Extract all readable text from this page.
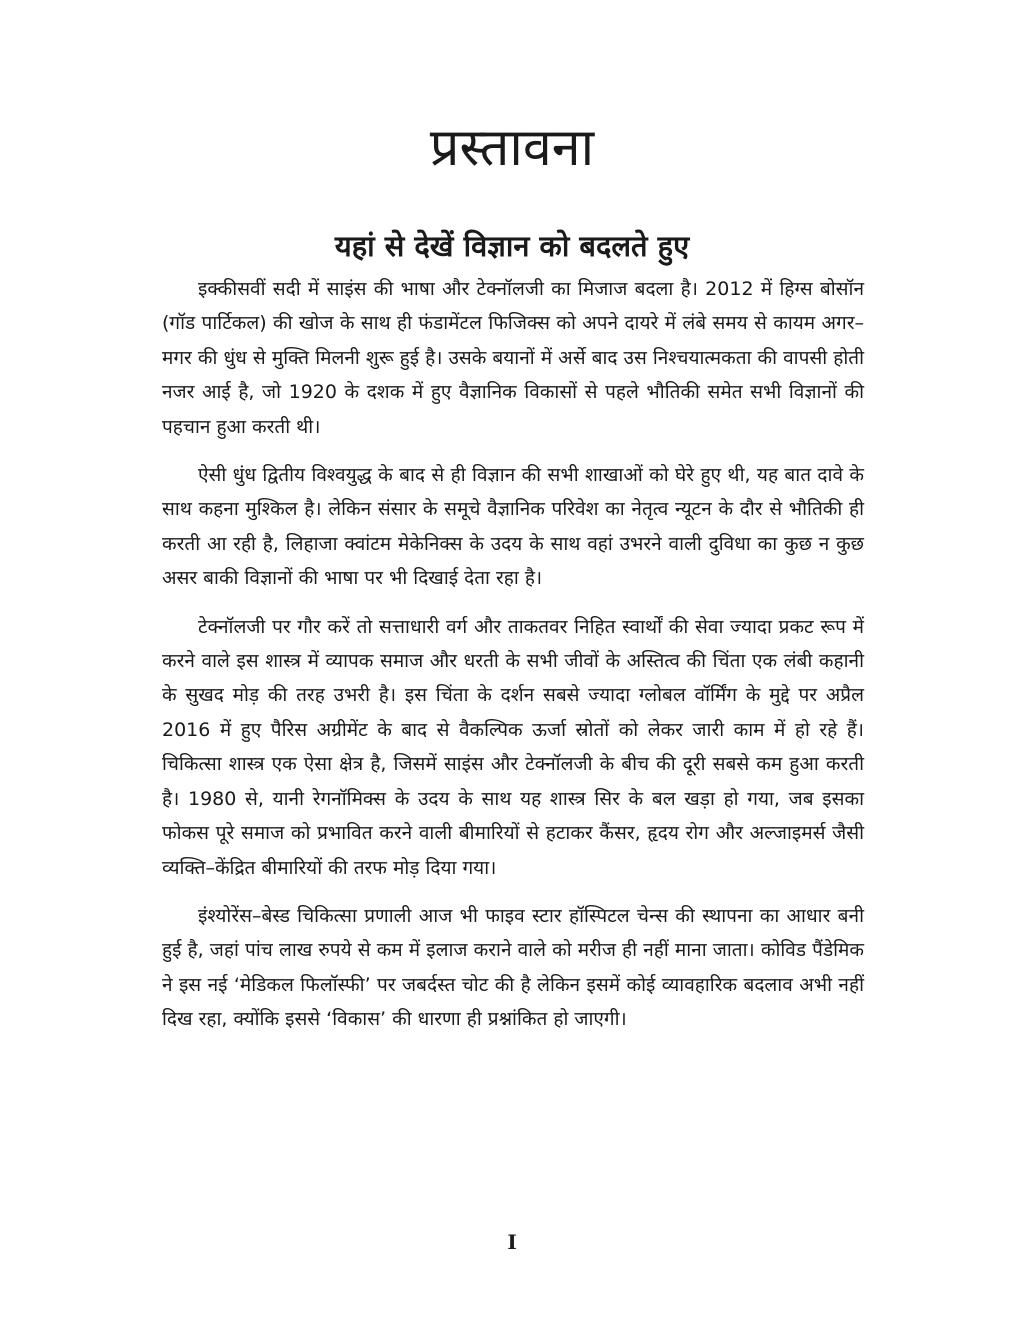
प्रस्तावना
यहां से देखें विज्ञान को बदलते हुए

इक्कीसवीं सदी में साइंस की भाषा और टेक्नॉलजी का मिजाज बदला है। 2012 में हिग्स बोसॉन (गॉड पार्टिकल) की खोज के साथ ही फंडामेंटल फिजिक्स को अपने दायरे में लंबे समय से कायम अगर–मगर की धुंध से मुक्ति मिलनी शुरू हुई है। उसके बयानों में अर्से बाद उस निश्चयात्मकता की वापसी होती नजर आई है, जो 1920 के दशक में हुए वैज्ञानिक विकासों से पहले भौतिकी समेत सभी विज्ञानों की पहचान हुआ करती थी।

ऐसी धुंध द्वितीय विश्वयुद्ध के बाद से ही विज्ञान की सभी शाखाओं को घेरे हुए थी, यह बात दावे के साथ कहना मुश्किल है। लेकिन संसार के समूचे वैज्ञानिक परिवेश का नेतृत्व न्यूटन के दौर से भौतिकी ही करती आ रही है, लिहाजा क्वांटम मेकेनिक्स के उदय के साथ वहां उभरने वाली दुविधा का कुछ न कुछ असर बाकी विज्ञानों की भाषा पर भी दिखाई देता रहा है।

टेक्नॉलजी पर गौर करें तो सत्ताधारी वर्ग और ताकतवर निहित स्वार्थों की सेवा ज्यादा प्रकट रूप में करने वाले इस शास्त्र में व्यापक समाज और धरती के सभी जीवों के अस्तित्व की चिंता एक लंबी कहानी के सुखद मोड़ की तरह उभरी है। इस चिंता के दर्शन सबसे ज्यादा ग्लोबल वॉर्मिंग के मुद्दे पर अप्रैल 2016 में हुए पैरिस अग्रीमेंट के बाद से वैकल्पिक ऊर्जा स्रोतों को लेकर जारी काम में हो रहे हैं। चिकित्सा शास्त्र एक ऐसा क्षेत्र है, जिसमें साइंस और टेक्नॉलजी के बीच की दूरी सबसे कम हुआ करती है। 1980 से, यानी रेगनॉमिक्स के उदय के साथ यह शास्त्र सिर के बल खड़ा हो गया, जब इसका फोकस पूरे समाज को प्रभावित करने वाली बीमारियों से हटाकर कैंसर, हृदय रोग और अल्जाइमर्स जैसी व्यक्ति–केंद्रित बीमारियों की तरफ मोड़ दिया गया।

इंश्योरेंस–बेस्ड चिकित्सा प्रणाली आज भी फाइव स्टार हॉस्पिटल चेन्स की स्थापना का आधार बनी हुई है, जहां पांच लाख रुपये से कम में इलाज कराने वाले को मरीज ही नहीं माना जाता। कोविड पैंडेमिक ने इस नई ‘मेडिकल फिलॉस्फी’ पर जबर्दस्त चोट की है लेकिन इसमें कोई व्यावहारिक बदलाव अभी नहीं दिख रहा, क्योंकि इससे ‘विकास’ की धारणा ही प्रश्नांकित हो जाएगी।

I
